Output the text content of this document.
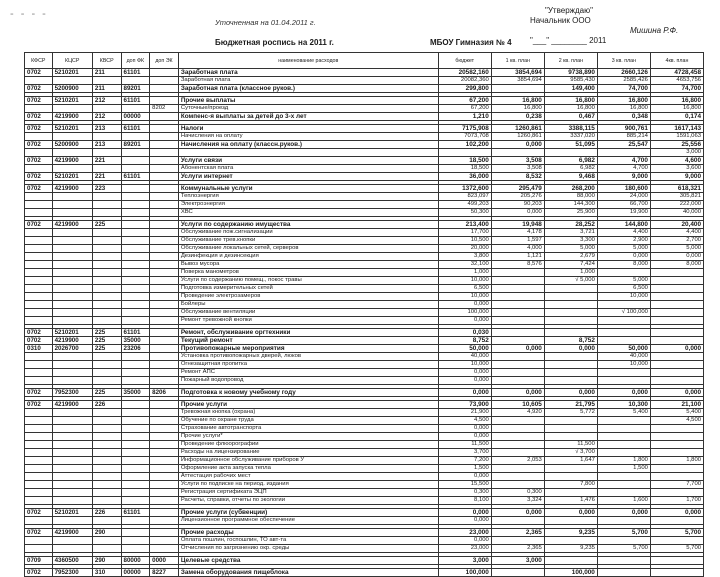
- - - -	"Утверждаю"
Начальник ООО
Мишина Р.Ф.
"___" ________ 2011
Уточненная на 01.04.2011 г.
Бюджетная роспись на 2011 г.	МБОУ Гимназия № 4
КФСР	КЦСР	КВСР	доп ФК	доп ЭК	наименование расходов	бюджет	1 кв. план	2 кв. план	3 кв. план	4кв. план
0702	5210201	211	61101		Заработная плата	20582,160	3854,694	9738,890	2660,126	4728,458
					Заработная плата	20082,360	3854,694	9585,430	2585,426	4653,756
0702	5200900	211	89201		Заработная плата (классное руков.)	299,800		149,400	74,700	74,700

0702	5210201	212	61101		Прочие выплаты	67,200	16,800	16,800	16,800	16,800
				8202	Суточные/проезд	67,200	16,800	16,800	16,800	16,800
0702	4219900	212	00000		Компенс-я выплаты за детей до 3-х лет	1,210	0,238	0,467	0,348	0,174

0702	5210201	213	61101		Налоги	7175,908	1260,861	3388,115	900,761	1617,143
					Начисления на оплату	7073,708	1260,861	3337,020	885,214	1591,063
0702	5200900	213	89201		Начисления на оплату (классн.руков.)	102,200	0,000	51,095	25,547	25,556
										3,000
0702	4219900	221			Услуги связи	18,500	3,508	6,982	4,700	4,600
					Абонентская плата	18,500	3,508	6,982	4,700	3,600
0702	5210201	221	61101		Услуги интернет	36,000	8,532	9,468	9,000	9,000

0702	4219900	223			Коммунальные услуги	1372,600	295,479	268,200	180,600	618,321
					Теплоэнергия	823,097	205,276	88,000	24,000	305,821
					Электроэнергия	499,203	90,203	144,300	66,700	222,000
					ХВС	50,300	0,000	25,900	19,900	40,000

0702	4219900	225			Услуги по содержанию имущества	213,400	19,948	28,252	144,800	20,400
					Обслуживание пож.сигнализации	17,700	4,178	3,721	4,400	4,400
					Обслуживание трев.кнопки	10,500	1,597	3,300	2,900	2,700
					Обслуживание локальных сетей, серверов	20,000	4,000	5,000	5,000	5,000
					Дезинфекция и дезинсекция	3,800	1,121	2,679	0,000	0,000
					Вывоз мусора	32,100	8,576	7,424	8,000	8,000
					Поверка манометров	1,000		1,000		
					Услуги по содержанию помещ., покос травы	10,000		√ 5,000	5,000	
					Подготовка измерительных сетей	6,500			6,500	
					Проведение электрозамеров	10,000			10,000	
					Бойлеры	0,000				
					Обслуживание вентиляции	100,000			√ 100,000	
					Ремонт тревожной кнопки	0,000				

0702	5210201	225	61101		Ремонт, обслуживание оргтехники	0,030				
0702	4219900	225	35000		Текущий ремонт	8,752		8,752		
0310	2026700	225	23206		Противопожарные мероприятия	50,000	0,000	0,000	50,000	0,000
					Установка противопожарных дверей, люков	40,000			40,000	
					Огнезащитная пропитка	10,000			10,000	
					Ремонт АПС	0,000				
					Пожарный водопровод	0,000				

0702	7952300	225	35000	8206	Подготовка к новому учебному году	0,000	0,000	0,000	0,000	0,000

0702	4219900	226			Прочие услуги	73,900	10,605	21,795	10,300	21,100
					Тревожная кнопка (охрана)	21,900	4,920	5,772	5,400	5,400
					Обучение по охране труда	4,500				4,500
					Страхование автотранспорта	0,000				
					Прочие услуги*	0,000				
					Проведение флюорографии	11,500		11,500		
					Расходы на лицензирование	3,700		√ 3,700		
					Информационное обслуживание приборов У	7,200	2,053	1,647	1,800	1,800
					Оформление акта запуска тепла	1,500			1,500	
					Аттестация рабочих мест	0,000				
					Услуги по подписке на период. издания	15,500		7,800		7,700
					Регистрация сертификата ЭЦП	0,300	0,300			
					Расчеты, справки, отчеты по экологии	8,100	3,324	1,476	1,600	1,700

0702	5210201	226	61101		Прочие услуги (субвенции)	0,000	0,000	0,000	0,000	0,000
					Лицензионное программное обеспечение	0,000				

0702	4219900	290			Прочие расходы	23,000	2,365	9,235	5,700	5,700
					Оплата пошлин, госпошлин, ТО авт-та	0,000				
					Отчисления по загрязнению окр. среды	23,000	2,365	9,235	5,700	5,700

0709	4360500	290	80000	0000	Целевые средства	3,000	3,000			

0702	7952300	310	00000	8227	Замена оборудования пищеблока	100,000		100,000		
